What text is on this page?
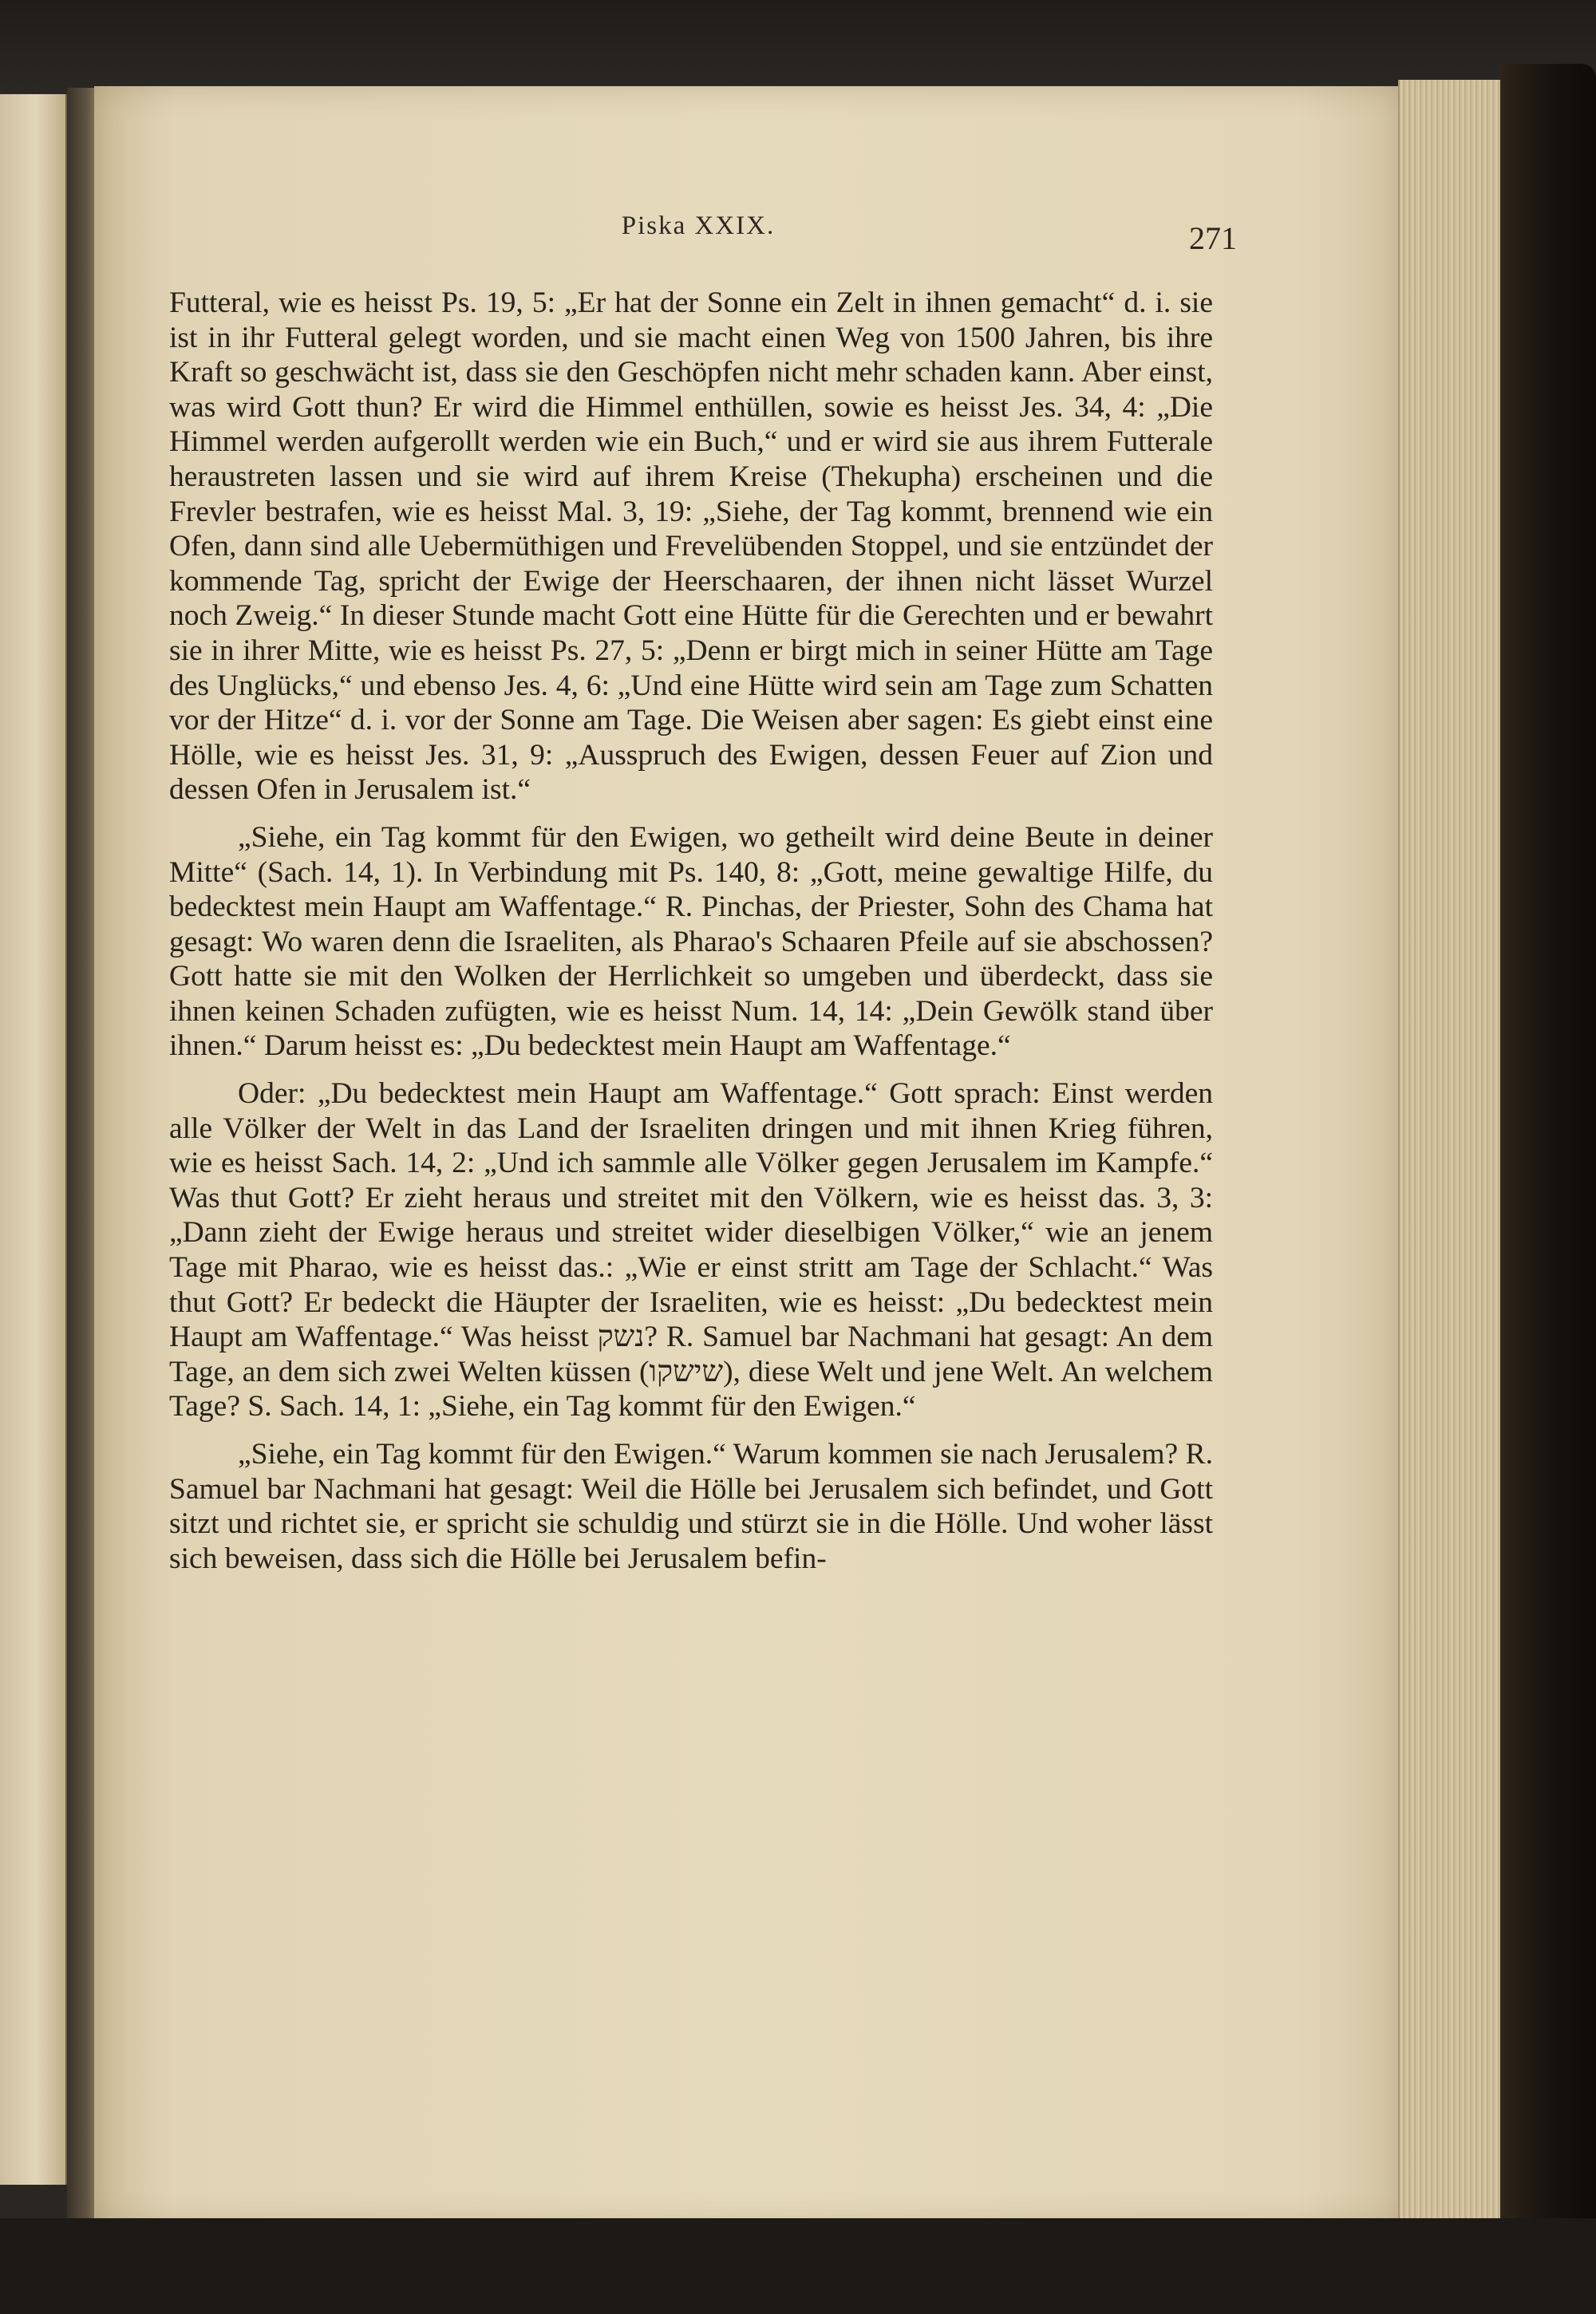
Piska XXIX.	271

Futteral, wie es heisst Ps. 19, 5: „Er hat der Sonne ein Zelt in ihnen gemacht“ d. i. sie ist in ihr Futteral gelegt worden, und sie macht einen Weg von 1500 Jahren, bis ihre Kraft so geschwächt ist, dass sie den Geschöpfen nicht mehr schaden kann. Aber einst, was wird Gott thun? Er wird die Himmel enthüllen, sowie es heisst Jes. 34, 4: „Die Himmel werden aufgerollt werden wie ein Buch,“ und er wird sie aus ihrem Futterale heraustreten lassen und sie wird auf ihrem Kreise (Thekupha) erscheinen und die Frevler bestrafen, wie es heisst Mal. 3, 19: „Siehe, der Tag kommt, brennend wie ein Ofen, dann sind alle Uebermüthigen und Frevelübenden Stoppel, und sie entzündet der kommende Tag, spricht der Ewige der Heerschaaren, der ihnen nicht lässet Wurzel noch Zweig.“ In dieser Stunde macht Gott eine Hütte für die Gerechten und er bewahrt sie in ihrer Mitte, wie es heisst Ps. 27, 5: „Denn er birgt mich in seiner Hütte am Tage des Unglücks,“ und ebenso Jes. 4, 6: „Und eine Hütte wird sein am Tage zum Schatten vor der Hitze“ d. i. vor der Sonne am Tage. Die Weisen aber sagen: Es giebt einst eine Hölle, wie es heisst Jes. 31, 9: „Ausspruch des Ewigen, dessen Feuer auf Zion und dessen Ofen in Jerusalem ist.“

„Siehe, ein Tag kommt für den Ewigen, wo getheilt wird deine Beute in deiner Mitte“ (Sach. 14, 1). In Verbindung mit Ps. 140, 8: „Gott, meine gewaltige Hilfe, du bedecktest mein Haupt am Waffentage.“ R. Pinchas, der Priester, Sohn des Chama hat gesagt: Wo waren denn die Israeliten, als Pharao's Schaaren Pfeile auf sie abschossen? Gott hatte sie mit den Wolken der Herrlichkeit so umgeben und überdeckt, dass sie ihnen keinen Schaden zufügten, wie es heisst Num. 14, 14: „Dein Gewölk stand über ihnen.“ Darum heisst es: „Du bedecktest mein Haupt am Waffentage.“

Oder: „Du bedecktest mein Haupt am Waffentage.“ Gott sprach: Einst werden alle Völker der Welt in das Land der Israeliten dringen und mit ihnen Krieg führen, wie es heisst Sach. 14, 2: „Und ich sammle alle Völker gegen Jerusalem im Kampfe.“ Was thut Gott? Er zieht heraus und streitet mit den Völkern, wie es heisst das. 3, 3: „Dann zieht der Ewige heraus und streitet wider dieselbigen Völker,“ wie an jenem Tage mit Pharao, wie es heisst das.: „Wie er einst stritt am Tage der Schlacht.“ Was thut Gott? Er bedeckt die Häupter der Israeliten, wie es heisst: „Du bedecktest mein Haupt am Waffentage.“ Was heisst נשק? R. Samuel bar Nachmani hat gesagt: An dem Tage, an dem sich zwei Welten küssen (שישקו), diese Welt und jene Welt. An welchem Tage? S. Sach. 14, 1: „Siehe, ein Tag kommt für den Ewigen.“

„Siehe, ein Tag kommt für den Ewigen.“ Warum kommen sie nach Jerusalem? R. Samuel bar Nachmani hat gesagt: Weil die Hölle bei Jerusalem sich befindet, und Gott sitzt und richtet sie, er spricht sie schuldig und stürzt sie in die Hölle. Und woher lässt sich beweisen, dass sich die Hölle bei Jerusalem befin-
